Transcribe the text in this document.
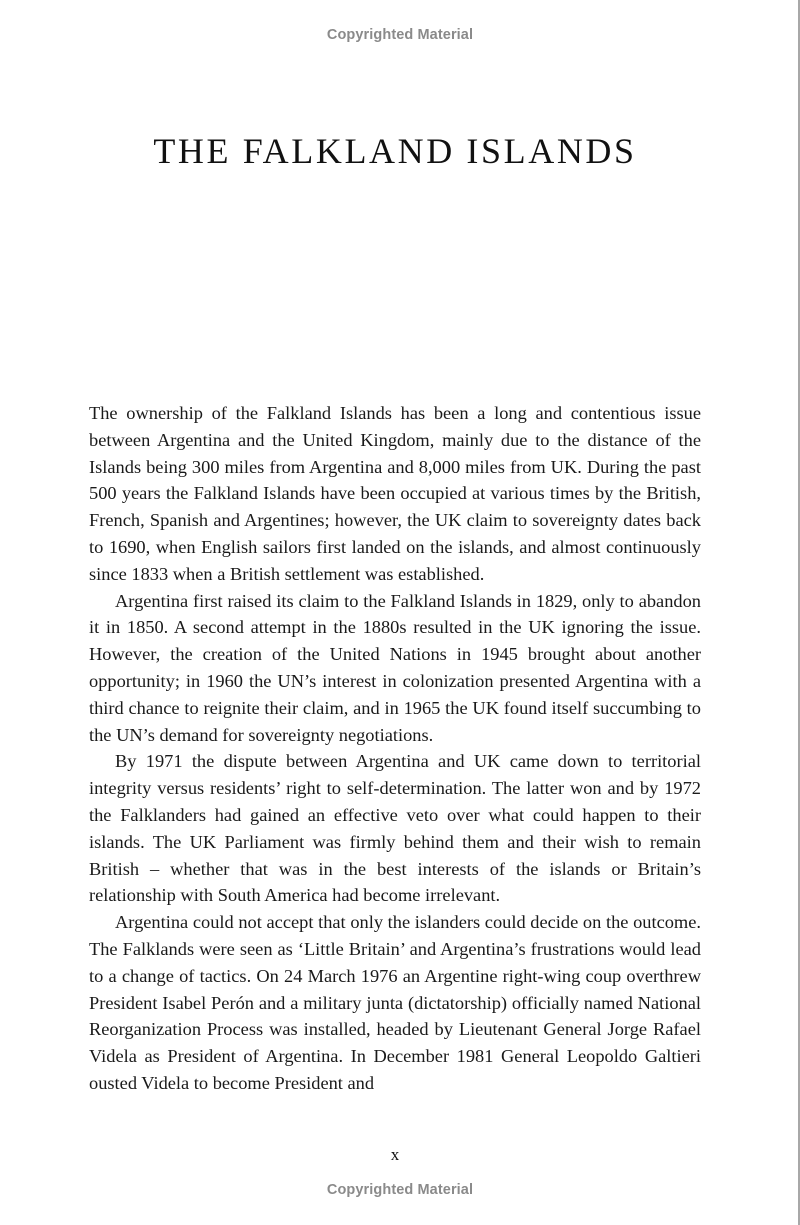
Copyrighted Material
THE FALKLAND ISLANDS

The ownership of the Falkland Islands has been a long and contentious issue between Argentina and the United Kingdom, mainly due to the distance of the Islands being 300 miles from Argentina and 8,000 miles from UK. During the past 500 years the Falkland Islands have been occupied at various times by the British, French, Spanish and Argentines; however, the UK claim to sovereignty dates back to 1690, when English sailors first landed on the islands, and almost continuously since 1833 when a British settlement was established.

Argentina first raised its claim to the Falkland Islands in 1829, only to abandon it in 1850. A second attempt in the 1880s resulted in the UK ignoring the issue. However, the creation of the United Nations in 1945 brought about another opportunity; in 1960 the UN’s interest in colonization presented Argentina with a third chance to reignite their claim, and in 1965 the UK found itself succumbing to the UN’s demand for sovereignty negotiations.

By 1971 the dispute between Argentina and UK came down to territorial integrity versus residents’ right to self-determination. The latter won and by 1972 the Falklanders had gained an effective veto over what could happen to their islands. The UK Parliament was firmly behind them and their wish to remain British – whether that was in the best interests of the islands or Britain’s relationship with South America had become irrelevant.

Argentina could not accept that only the islanders could decide on the outcome. The Falklands were seen as ‘Little Britain’ and Argentina’s frustrations would lead to a change of tactics. On 24 March 1976 an Argentine right-wing coup overthrew President Isabel Perón and a military junta (dictatorship) officially named National Reorganization Process was installed, headed by Lieutenant General Jorge Rafael Videla as President of Argentina. In December 1981 General Leopoldo Galtieri ousted Videla to become President and

x
Copyrighted Material
